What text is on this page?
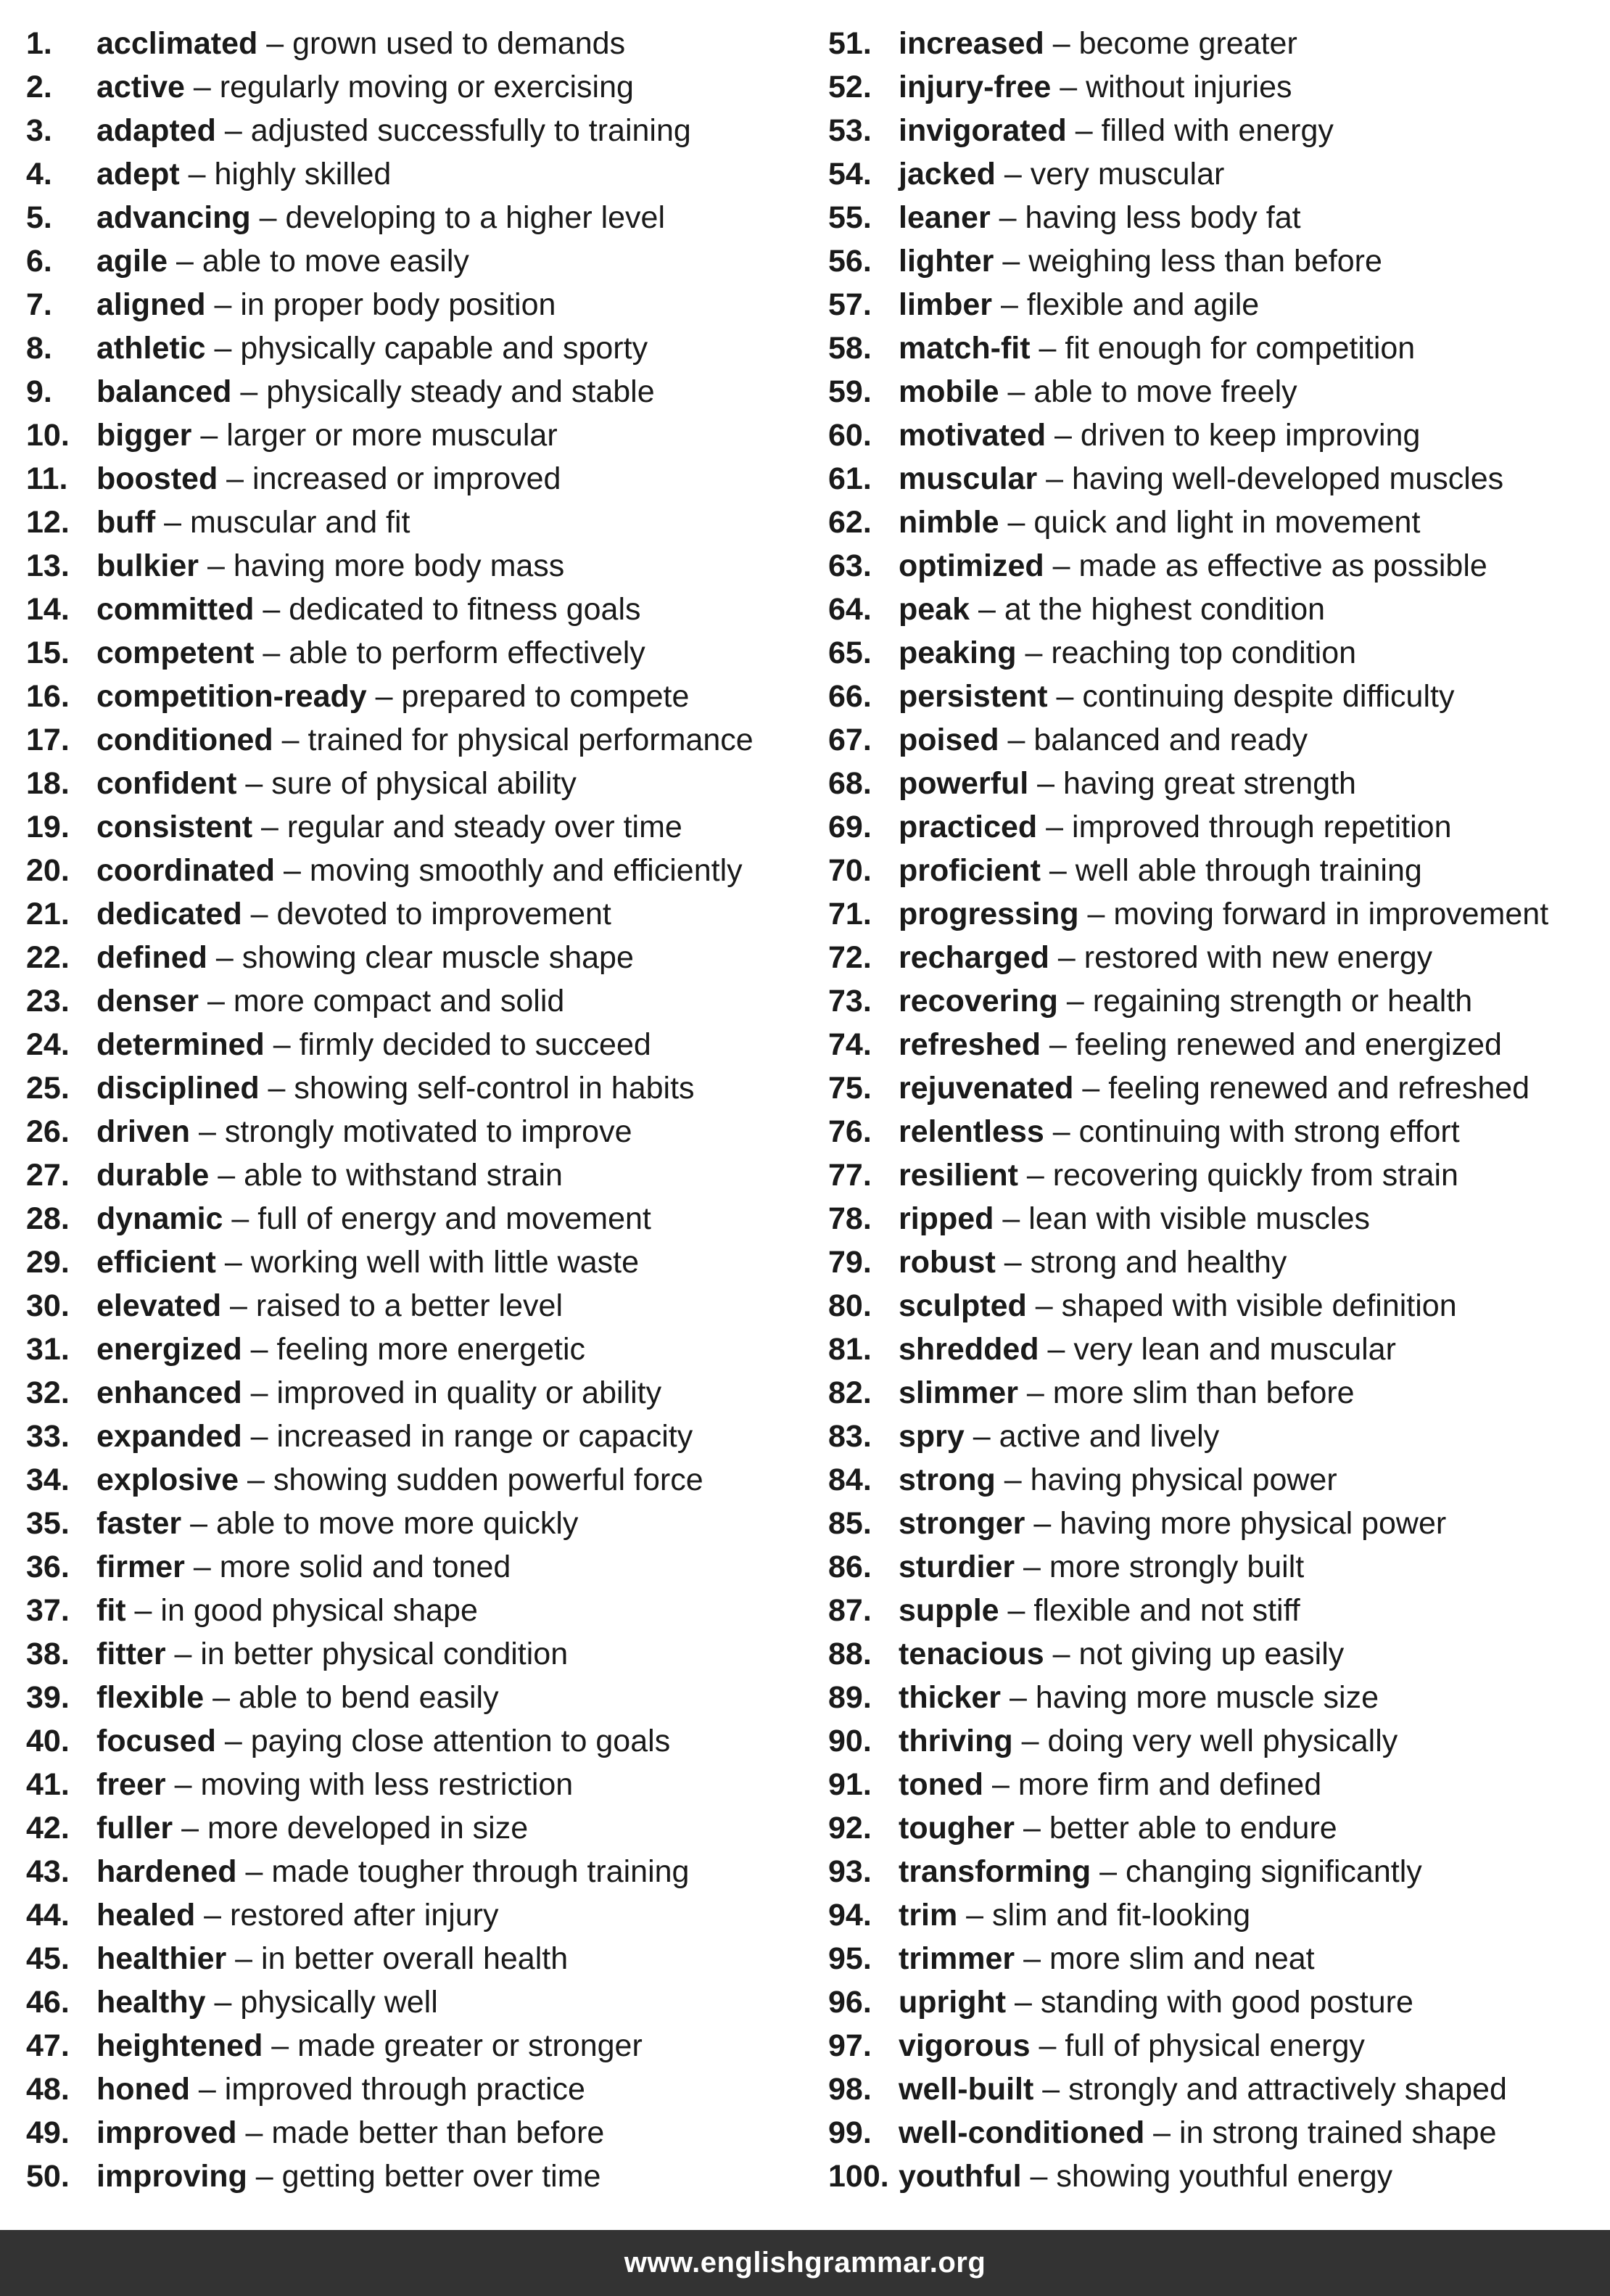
1.	acclimated – grown used to demands
2.	active – regularly moving or exercising
3.	adapted – adjusted successfully to training
4.	adept – highly skilled
5.	advancing – developing to a higher level
6.	agile – able to move easily
7.	aligned – in proper body position
8.	athletic – physically capable and sporty
9.	balanced – physically steady and stable
10. bigger – larger or more muscular
11. boosted – increased or improved
12. buff – muscular and fit
13. bulkier – having more body mass
14. committed – dedicated to fitness goals
15. competent – able to perform effectively
16. competition-ready – prepared to compete
17. conditioned – trained for physical performance
18. confident – sure of physical ability
19. consistent – regular and steady over time
20. coordinated – moving smoothly and efficiently
21. dedicated – devoted to improvement
22. defined – showing clear muscle shape
23. denser – more compact and solid
24. determined – firmly decided to succeed
25. disciplined – showing self-control in habits
26. driven – strongly motivated to improve
27. durable – able to withstand strain
28. dynamic – full of energy and movement
29. efficient – working well with little waste
30. elevated – raised to a better level
31. energized – feeling more energetic
32. enhanced – improved in quality or ability
33. expanded – increased in range or capacity
34. explosive – showing sudden powerful force
35. faster – able to move more quickly
36. firmer – more solid and toned
37. fit – in good physical shape
38. fitter – in better physical condition
39. flexible – able to bend easily
40. focused – paying close attention to goals
41. freer – moving with less restriction
42. fuller – more developed in size
43. hardened – made tougher through training
44. healed – restored after injury
45. healthier – in better overall health
46. healthy – physically well
47. heightened – made greater or stronger
48. honed – improved through practice
49. improved – made better than before
50. improving – getting better over time
51. increased – become greater
52. injury-free – without injuries
53. invigorated – filled with energy
54. jacked – very muscular
55. leaner – having less body fat
56. lighter – weighing less than before
57. limber – flexible and agile
58. match-fit – fit enough for competition
59. mobile – able to move freely
60. motivated – driven to keep improving
61. muscular – having well-developed muscles
62. nimble – quick and light in movement
63. optimized – made as effective as possible
64. peak – at the highest condition
65. peaking – reaching top condition
66. persistent – continuing despite difficulty
67. poised – balanced and ready
68. powerful – having great strength
69. practiced – improved through repetition
70. proficient – well able through training
71. progressing – moving forward in improvement
72. recharged – restored with new energy
73. recovering – regaining strength or health
74. refreshed – feeling renewed and energized
75. rejuvenated – feeling renewed and refreshed
76. relentless – continuing with strong effort
77. resilient – recovering quickly from strain
78. ripped – lean with visible muscles
79. robust – strong and healthy
80. sculpted – shaped with visible definition
81. shredded – very lean and muscular
82. slimmer – more slim than before
83. spry – active and lively
84. strong – having physical power
85. stronger – having more physical power
86. sturdier – more strongly built
87. supple – flexible and not stiff
88. tenacious – not giving up easily
89. thicker – having more muscle size
90. thriving – doing very well physically
91. toned – more firm and defined
92. tougher – better able to endure
93. transforming – changing significantly
94. trim – slim and fit-looking
95. trimmer – more slim and neat
96. upright – standing with good posture
97. vigorous – full of physical energy
98. well-built – strongly and attractively shaped
99. well-conditioned – in strong trained shape
100. youthful – showing youthful energy
www.englishgrammar.org
